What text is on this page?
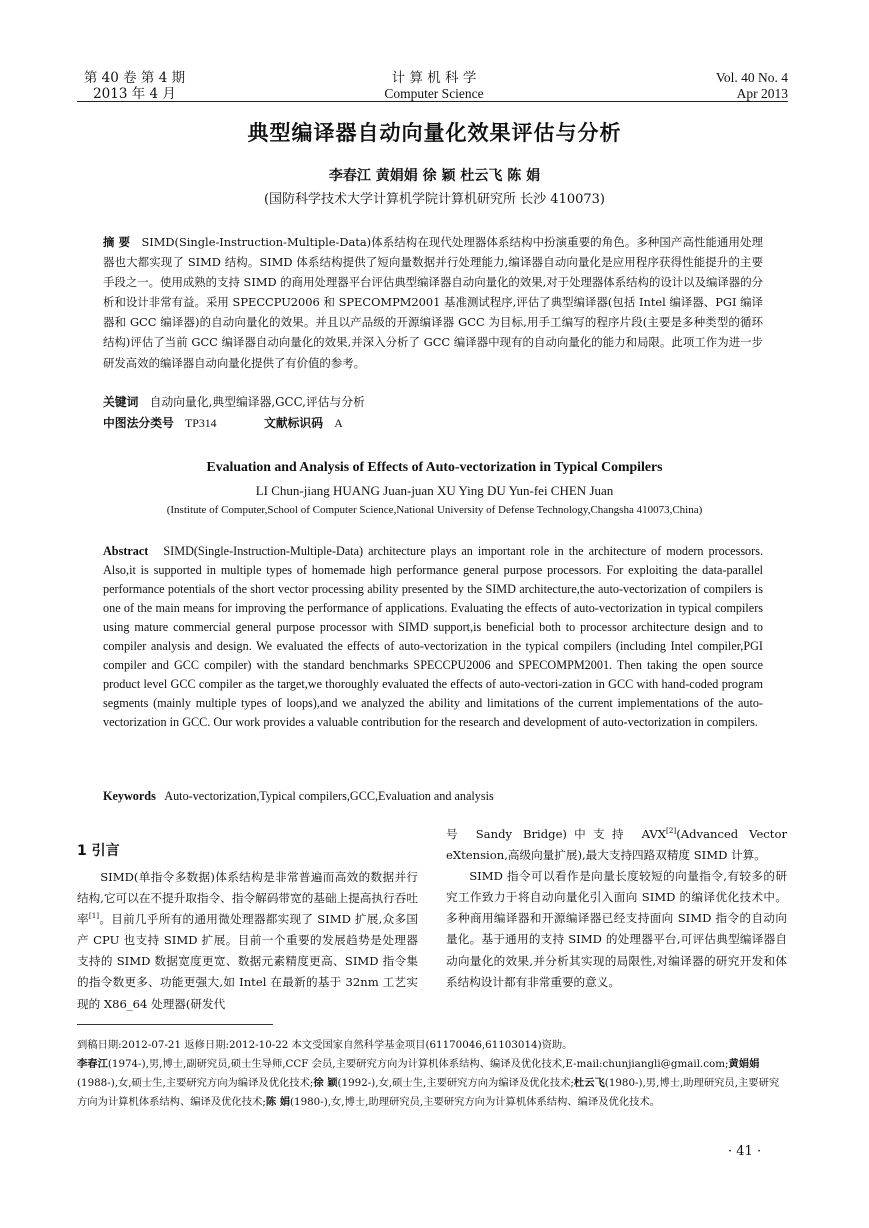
第 40 卷 第 4 期
2013 年 4 月
计 算 机 科 学
Computer Science
Vol. 40 No. 4
Apr 2013
典型编译器自动向量化效果评估与分析
李春江 黄娟娟 徐 颖 杜云飞 陈 娟
(国防科学技术大学计算机学院计算机研究所 长沙 410073)
摘 要 SIMD(Single-Instruction-Multiple-Data)体系结构在现代处理器体系结构中扮演重要的角色。多种国产高性能通用处理器也大都实现了 SIMD 结构。SIMD 体系结构提供了短向量数据并行处理能力,编译器自动向量化是应用程序获得性能提升的主要手段之一。使用成熟的支持 SIMD 的商用处理器平台评估典型编译器自动向量化的效果,对于处理器体系结构的设计以及编译器的分析和设计非常有益。采用 SPECCPU2006 和 SPECOMPM2001 基准测试程序,评估了典型编译器(包括 Intel 编译器、PGI 编译器和 GCC 编译器)的自动向量化的效果。并且以产品级的开源编译器 GCC 为目标,用手工编写的程序片段(主要是多种类型的循环结构)评估了当前 GCC 编译器自动向量化的效果,并深入分析了 GCC 编译器中现有的自动向量化的能力和局限。此项工作为进一步研发高效的编译器自动向量化提供了有价值的参考。
关键词 自动向量化,典型编译器,GCC,评估与分析
中图法分类号 TP314	文献标识码 A
Evaluation and Analysis of Effects of Auto-vectorization in Typical Compilers
LI Chun-jiang HUANG Juan-juan XU Ying DU Yun-fei CHEN Juan
(Institute of Computer,School of Computer Science,National University of Defense Technology,Changsha 410073,China)
Abstract SIMD(Single-Instruction-Multiple-Data) architecture plays an important role in the architecture of modern processors. Also,it is supported in multiple types of homemade high performance general purpose processors. For exploiting the data-parallel performance potentials of the short vector processing ability presented by the SIMD architecture,the auto-vectorization of compilers is one of the main means for improving the performance of applications. Evaluating the effects of auto-vectorization in typical compilers using mature commercial general purpose processor with SIMD support,is beneficial both to processor architecture design and to compiler analysis and design. We evaluated the effects of auto-vectorization in the typical compilers (including Intel compiler,PGI compiler and GCC compiler) with the standard benchmarks SPECCPU2006 and SPECOMPM2001. Then taking the open source product level GCC compiler as the target,we thoroughly evaluated the effects of auto-vectori-zation in GCC with hand-coded program segments (mainly multiple types of loops),and we analyzed the ability and limitations of the current implementations of the auto-vectorization in GCC. Our work provides a valuable contribution for the research and development of auto-vectorization in compilers.
Keywords Auto-vectorization,Typical compilers,GCC,Evaluation and analysis
1 引言

SIMD(单指令多数据)体系结构是非常普遍而高效的数据并行结构,它可以在不提升取指令、指令解码带宽的基础上提高执行吞吐率[1]。目前几乎所有的通用微处理器都实现了 SIMD 扩展,众多国产 CPU 也支持 SIMD 扩展。目前一个重要的发展趋势是处理器支持的 SIMD 数据宽度更宽、数据元素精度更高、SIMD 指令集的指令数更多、功能更强大,如 Intel 在最新的基于 32nm 工艺实现的 X86_64 处理器(研发代

号 Sandy Bridge)中支持 AVX[2](Advanced Vector eXtension,高级向量扩展),最大支持四路双精度 SIMD 计算。

SIMD 指令可以看作是向量长度较短的向量指令,有较多的研究工作致力于将自动向量化引入面向 SIMD 的编译优化技术中。多种商用编译器和开源编译器已经支持面向 SIMD 指令的自动向量化。基于通用的支持 SIMD 的处理器平台,可评估典型编译器自动向量化的效果,并分析其实现的局限性,对编译器的研究开发和体系结构设计都有非常重要的意义。

到稿日期:2012-07-21 返修日期:2012-10-22 本文受国家自然科学基金项目(61170046,61103014)资助。
李春江(1974-),男,博士,副研究员,硕士生导师,CCF 会员,主要研究方向为计算机体系结构、编译及优化技术,E-mail:chunjiangli@gmail.com;黄娟娟(1988-),女,硕士生,主要研究方向为编译及优化技术;徐 颖(1992-),女,硕士生,主要研究方向为编译及优化技术;杜云飞(1980-),男,博士,助理研究员,主要研究方向为计算机体系结构、编译及优化技术;陈 娟(1980-),女,博士,助理研究员,主要研究方向为计算机体系结构、编译及优化技术。
· 41 ·
